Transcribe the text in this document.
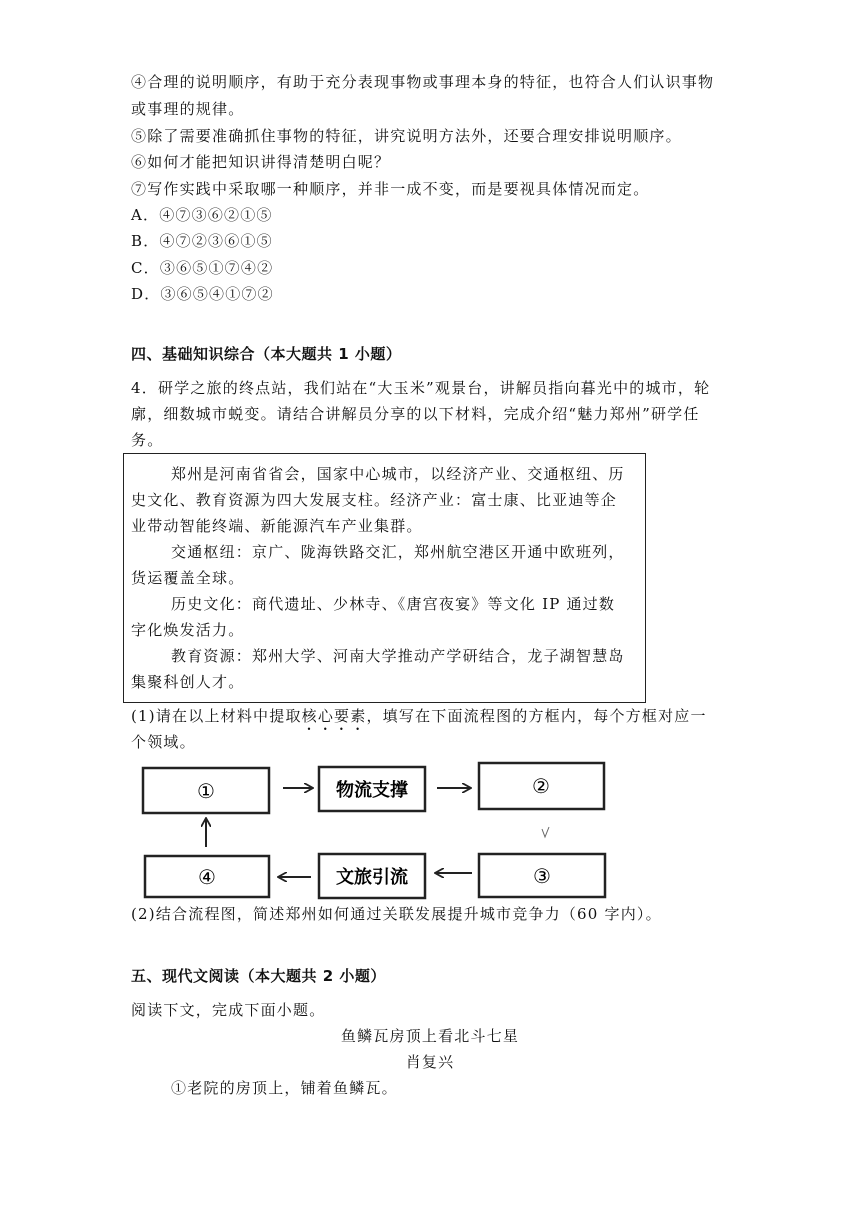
④合理的说明顺序，有助于充分表现事物或事理本身的特征，也符合人们认识事物
或事理的规律。
⑤除了需要准确抓住事物的特征，讲究说明方法外，还要合理安排说明顺序。
⑥如何才能把知识讲得清楚明白呢？
⑦写作实践中采取哪一种顺序，并非一成不变，而是要视具体情况而定。
A．④⑦③⑥②①⑤
B．④⑦②③⑥①⑤
C．③⑥⑤①⑦④②
D．③⑥⑤④①⑦②
四、基础知识综合（本大题共 1 小题）
4．研学之旅的终点站，我们站在“大玉米”观景台，讲解员指向暮光中的城市，轮
廓，细数城市蜕变。请结合讲解员分享的以下材料，完成介绍“魅力郑州”研学任
务。
郑州是河南省省会，国家中心城市，以经济产业、交通枢纽、历
史文化、教育资源为四大发展支柱。经济产业：富士康、比亚迪等企
业带动智能终端、新能源汽车产业集群。
交通枢纽：京广、陇海铁路交汇，郑州航空港区开通中欧班列，
货运覆盖全球。
历史文化：商代遗址、少林寺、《唐宫夜宴》等文化 IP 通过数
字化焕发活力。
教育资源：郑州大学、河南大学推动产学研结合，龙子湖智慧岛
集聚科创人才。
(1)请在以上材料中提取核心要素，填写在下面流程图的方框内，每个方框对应一
个领域。
①	物流支撑	②
④	文旅引流	③
(2)结合流程图，简述郑州如何通过关联发展提升城市竞争力（60 字内）。
五、现代文阅读（本大题共 2 小题）
阅读下文，完成下面小题。
鱼鳞瓦房顶上看北斗七星
肖复兴
①老院的房顶上，铺着鱼鳞瓦。
